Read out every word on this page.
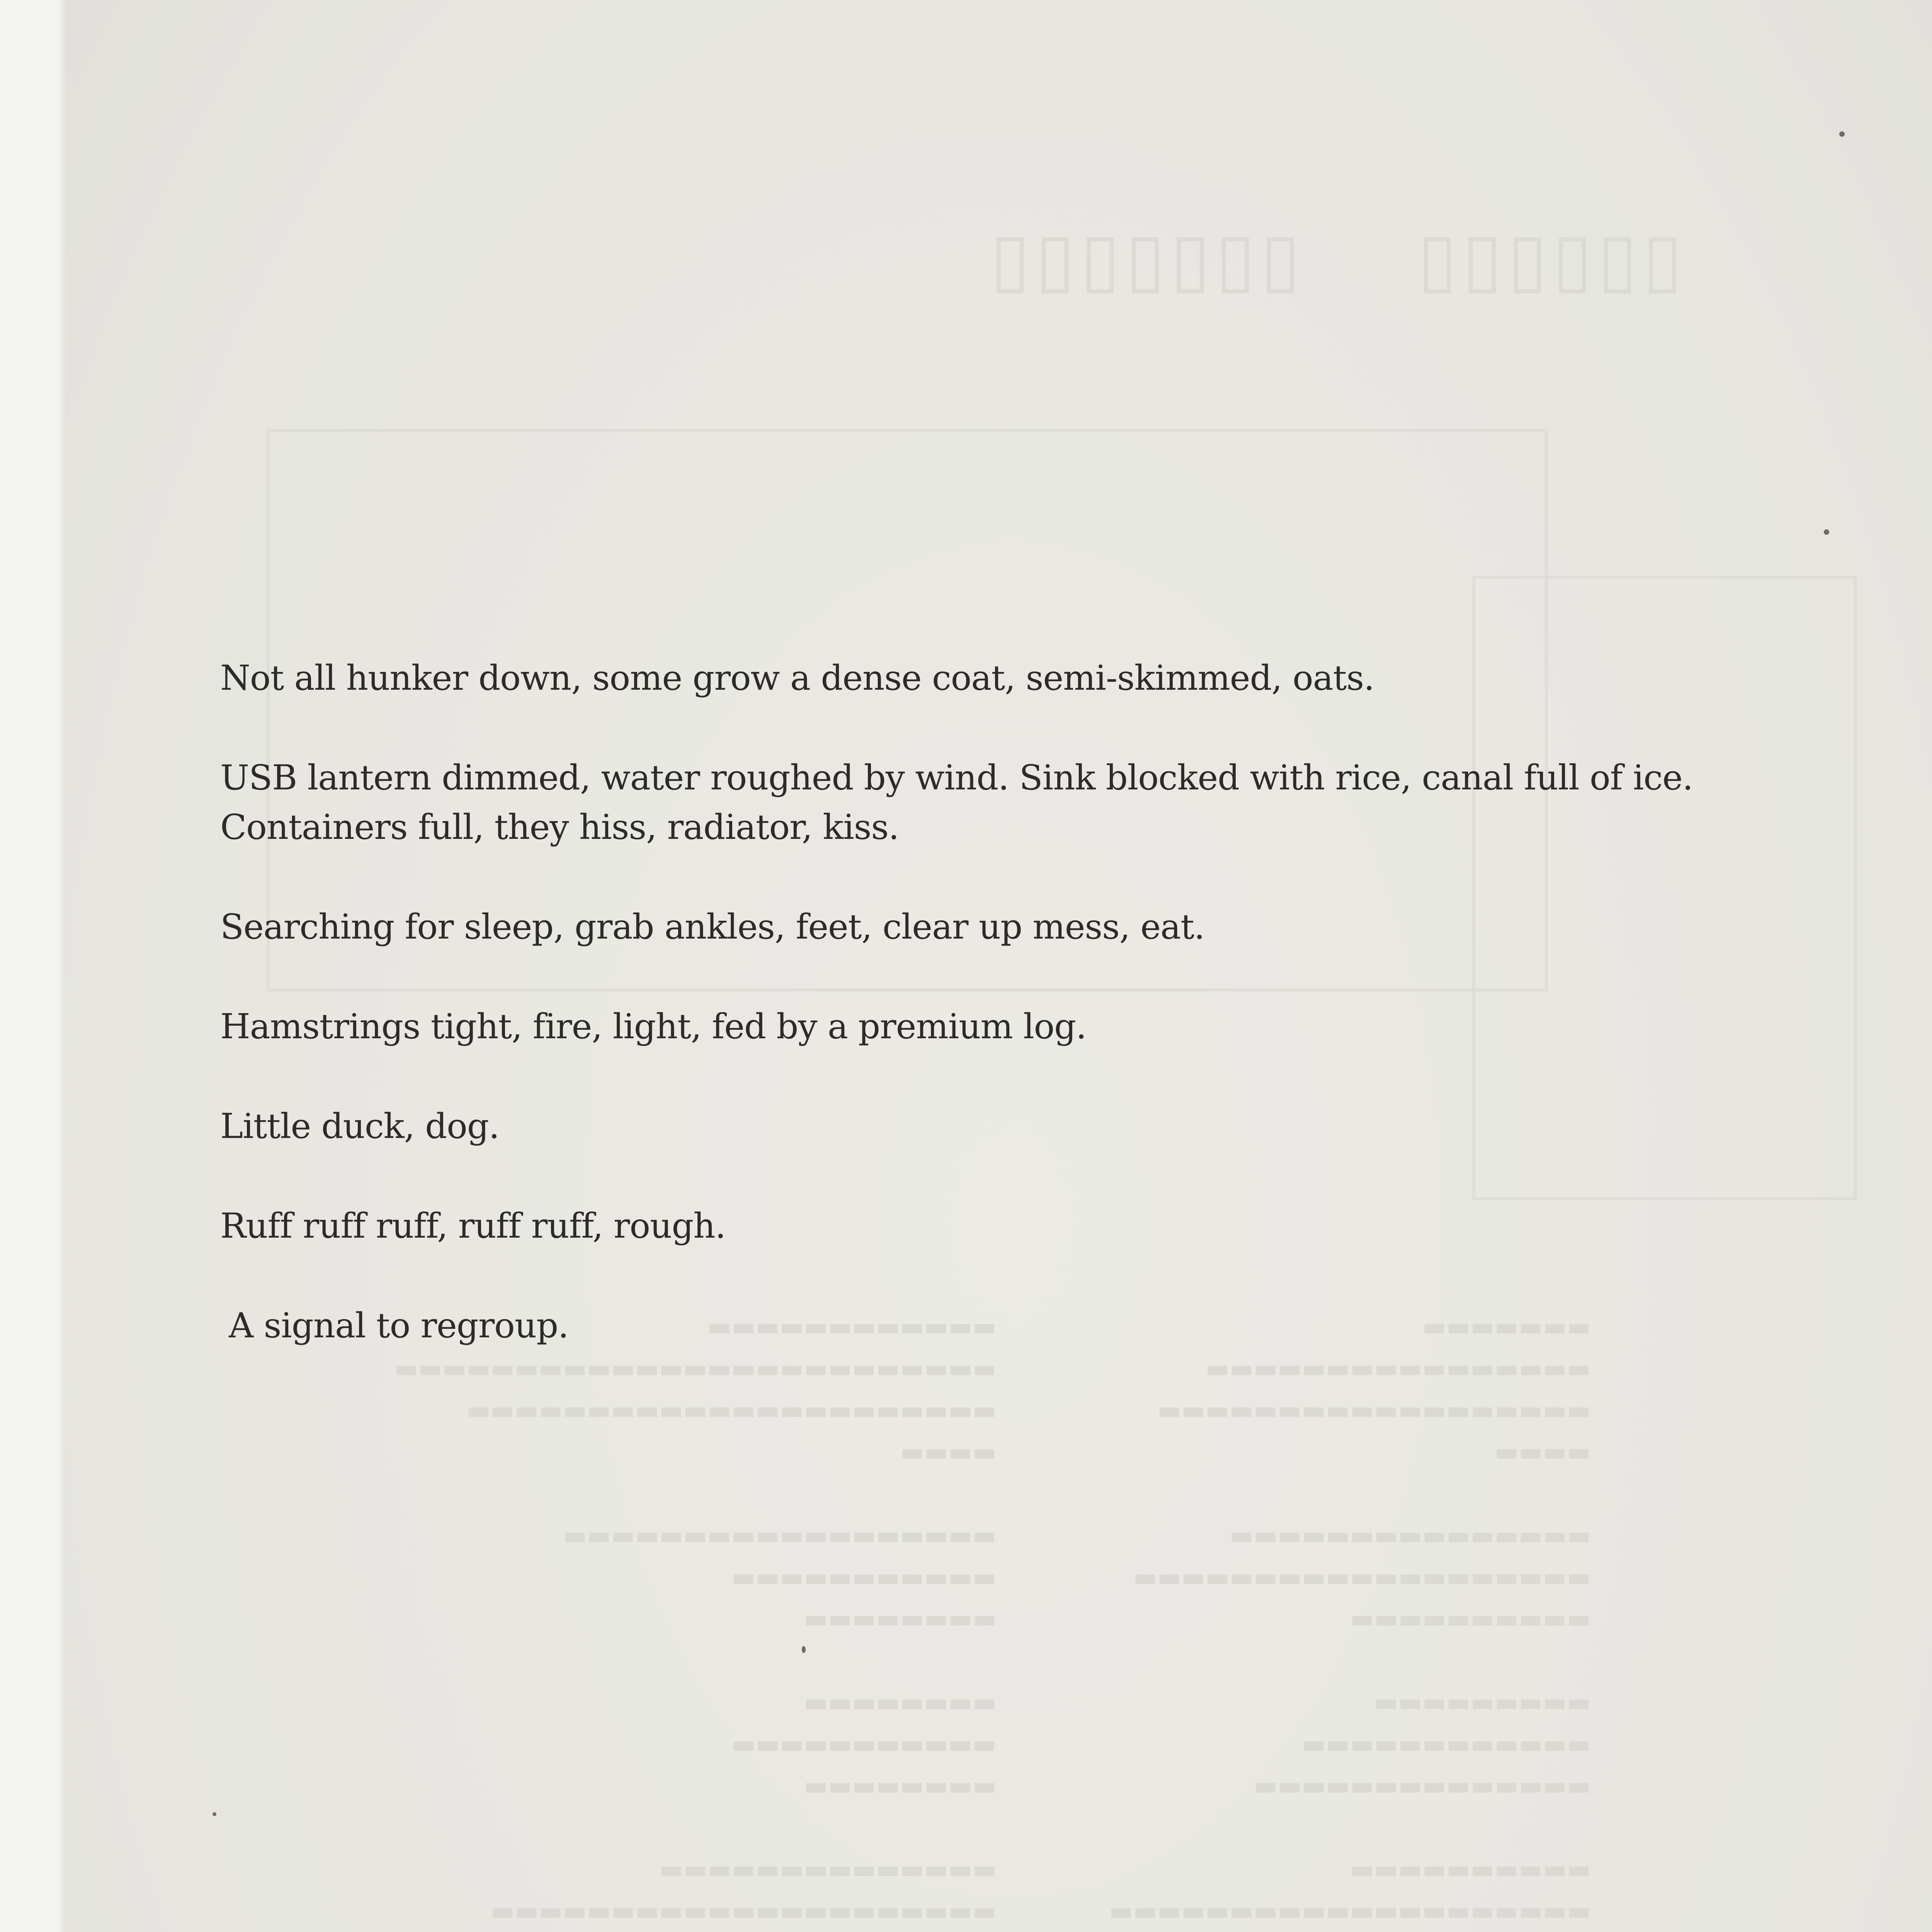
▯▯▯▯▯▯    ▯▯▯▯▯▯▯
▬▬▬▬▬▬▬
▬▬▬▬▬▬▬▬▬▬▬▬▬▬▬▬
▬▬▬▬▬▬▬▬▬▬▬▬▬▬▬▬▬▬
▬▬▬▬

▬▬▬▬▬▬▬▬▬▬▬▬▬▬▬
▬▬▬▬▬▬▬▬▬▬▬▬▬▬▬▬▬▬▬
▬▬▬▬▬▬▬▬▬▬

▬▬▬▬▬▬▬▬▬
▬▬▬▬▬▬▬▬▬▬▬▬
▬▬▬▬▬▬▬▬▬▬▬▬▬▬

▬▬▬▬▬▬▬▬▬▬
▬▬▬▬▬▬▬▬▬▬▬▬▬▬▬▬▬▬▬▬

▬▬▬▬▬▬▬▬▬▬▬▬
▬▬▬▬▬▬▬▬▬▬▬▬▬▬▬▬▬▬▬▬▬▬▬▬▬
▬▬▬▬▬▬▬▬▬▬▬▬▬▬▬▬▬▬▬▬▬▬
▬▬▬▬

▬▬▬▬▬▬▬▬▬▬▬▬▬▬▬▬▬▬
▬▬▬▬▬▬▬▬▬▬▬
▬▬▬▬▬▬▬▬

▬▬▬▬▬▬▬▬
▬▬▬▬▬▬▬▬▬▬▬
▬▬▬▬▬▬▬▬

▬▬▬▬▬▬▬▬▬▬▬▬▬▬
▬▬▬▬▬▬▬▬▬▬▬▬▬▬▬▬▬▬▬▬▬

Not all hunker down, some grow a dense coat, semi-skimmed, oats.

USB lantern dimmed, water roughed by wind. Sink blocked with rice, canal full of ice.

Containers full, they hiss, radiator, kiss.

Searching for sleep, grab ankles, feet, clear up mess, eat.

Hamstrings tight, fire, light, fed by a premium log.

Little duck, dog.

Ruff ruff ruff, ruff ruff, rough.

A signal to regroup.
